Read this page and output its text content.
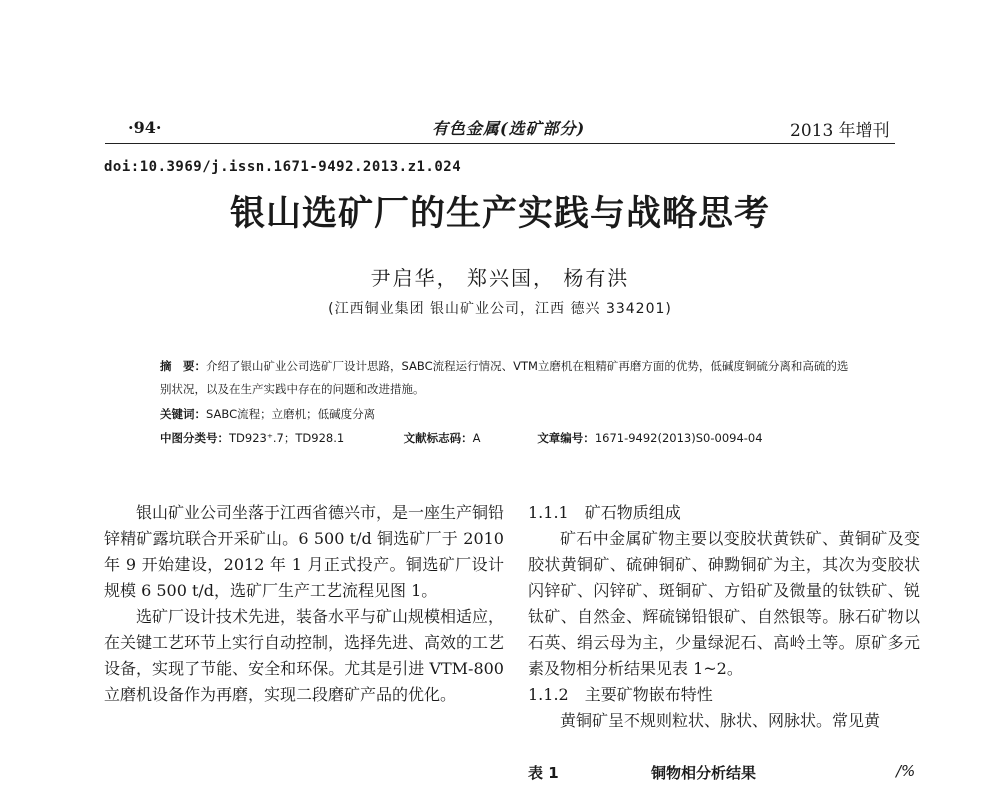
·94·	有色金属(选矿部分)	2013 年增刊
doi:10.3969/j.issn.1671-9492.2013.z1.024
银山选矿厂的生产实践与战略思考
尹启华， 郑兴国， 杨有洪
(江西铜业集团 银山矿业公司，江西 德兴 334201)
摘　要：介绍了银山矿业公司选矿厂设计思路，SABC流程运行情况、VTM立磨机在粗精矿再磨方面的优势，低碱度铜硫分离和高硫的选别状况，以及在生产实践中存在的问题和改进措施。
关键词：SABC流程；立磨机；低碱度分离
中图分类号：TD923⁺.7；TD928.1	文献标志码：A	文章编号：1671-9492(2013)S0-0094-04

银山矿业公司坐落于江西省德兴市，是一座生产铜铅锌精矿露坑联合开采矿山。6 500 t/d 铜选矿厂于 2010 年 9 开始建设，2012 年 1 月正式投产。铜选矿厂设计规模 6 500 t/d，选矿厂生产工艺流程见图 1。

选矿厂设计技术先进，装备水平与矿山规模相适应，在关键工艺环节上实行自动控制，选择先进、高效的工艺设备，实现了节能、安全和环保。尤其是引进 VTM-800 立磨机设备作为再磨，实现二段磨矿产品的优化。

1.1.1　矿石物质组成

矿石中金属矿物主要以变胶状黄铁矿、黄铜矿及变胶状黄铜矿、硫砷铜矿、砷黝铜矿为主，其次为变胶状闪锌矿、闪锌矿、斑铜矿、方铅矿及微量的钛铁矿、锐钛矿、自然金、辉硫锑铅银矿、自然银等。脉石矿物以石英、绢云母为主，少量绿泥石、高岭土等。原矿多元素及物相分析结果见表 1~2。

1.1.2　主要矿物嵌布特性

黄铜矿呈不规则粒状、脉状、网脉状。常见黄

表 1	铜物相分析结果	/%
